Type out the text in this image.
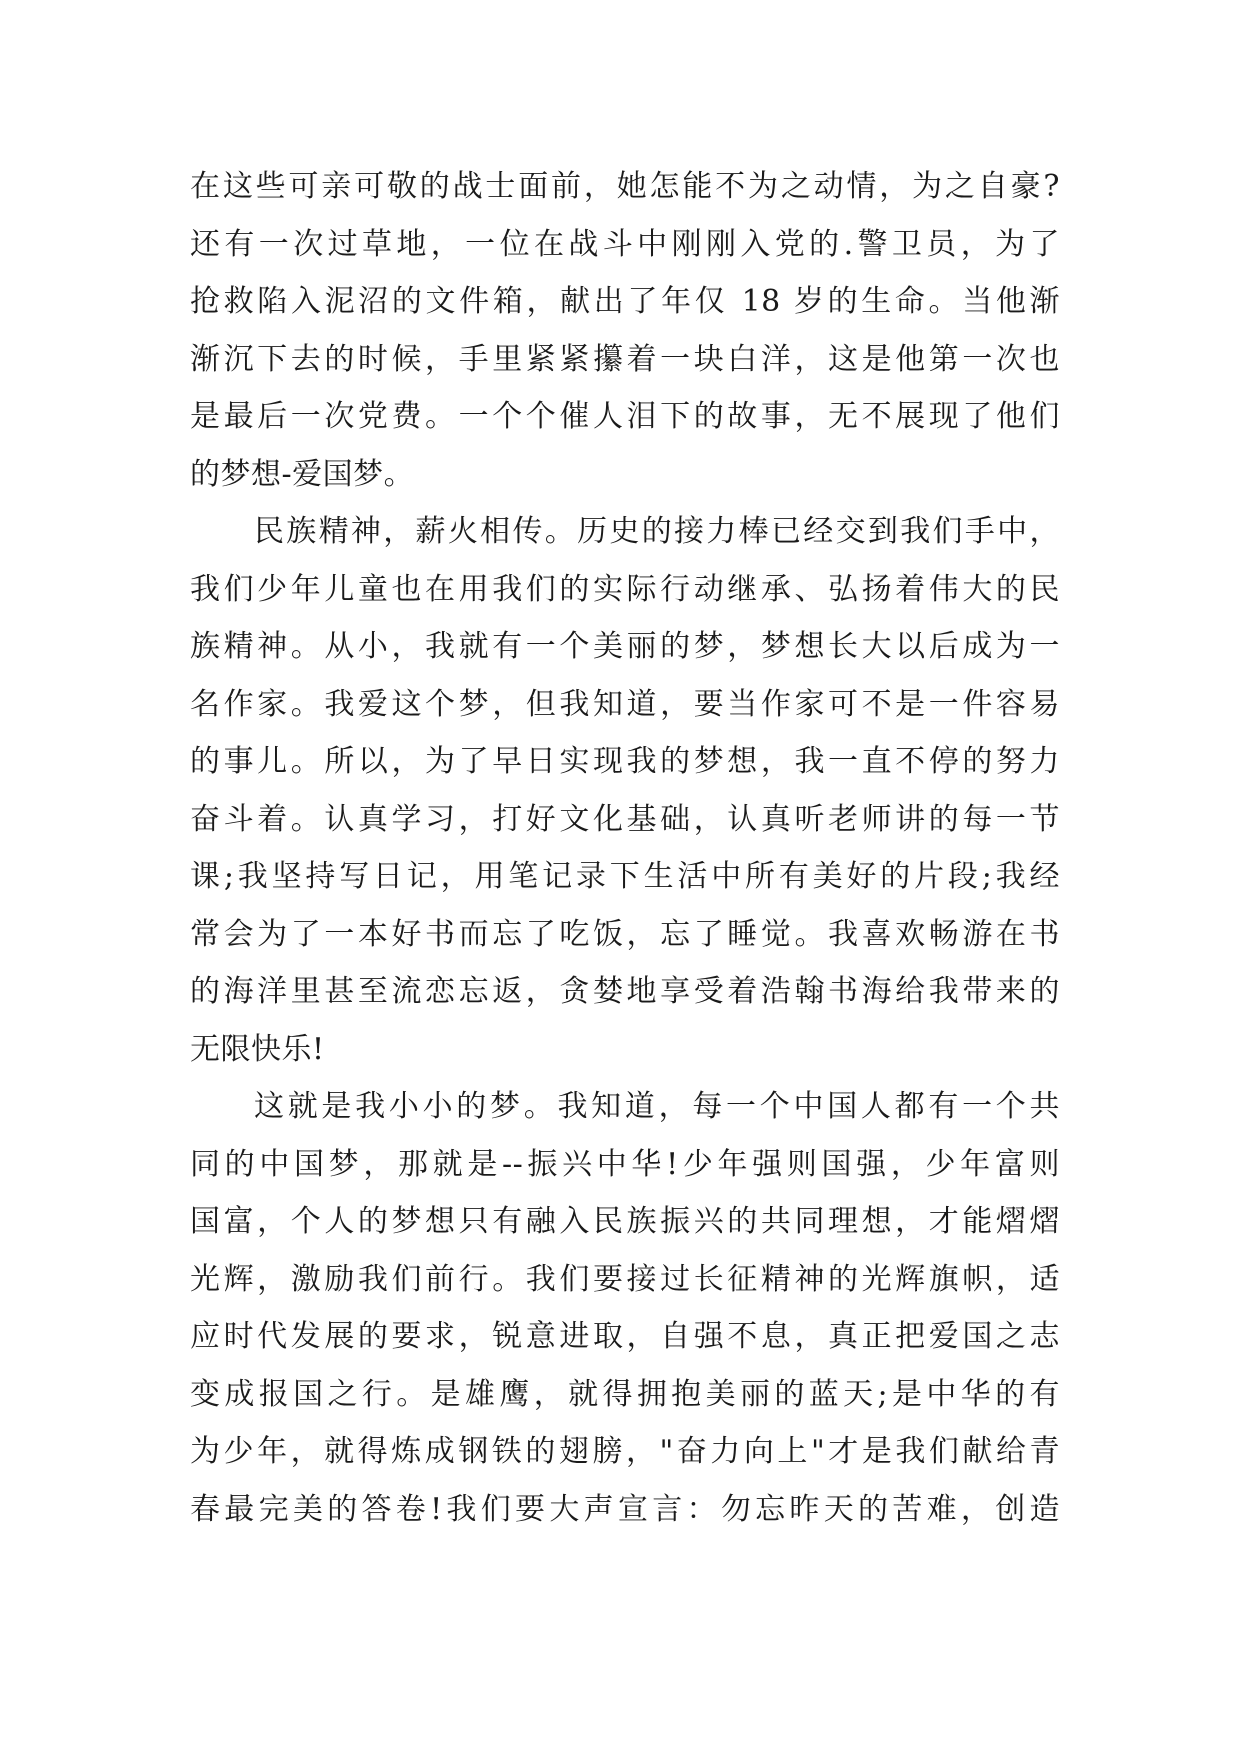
在这些可亲可敬的战士面前，她怎能不为之动情，为之自豪?
还有一次过草地，一位在战斗中刚刚入党的.警卫员，为了
抢救陷入泥沼的文件箱，献出了年仅 18 岁的生命。当他渐
渐沉下去的时候，手里紧紧攥着一块白洋，这是他第一次也
是最后一次党费。一个个催人泪下的故事，无不展现了他们
的梦想-爱国梦。
民族精神，薪火相传。历史的接力棒已经交到我们手中，
我们少年儿童也在用我们的实际行动继承、弘扬着伟大的民
族精神。从小，我就有一个美丽的梦，梦想长大以后成为一
名作家。我爱这个梦，但我知道，要当作家可不是一件容易
的事儿。所以，为了早日实现我的梦想，我一直不停的努力
奋斗着。认真学习，打好文化基础，认真听老师讲的每一节
课;我坚持写日记，用笔记录下生活中所有美好的片段;我经
常会为了一本好书而忘了吃饭，忘了睡觉。我喜欢畅游在书
的海洋里甚至流恋忘返，贪婪地享受着浩翰书海给我带来的
无限快乐!
这就是我小小的梦。我知道，每一个中国人都有一个共
同的中国梦，那就是--振兴中华!少年强则国强，少年富则
国富，个人的梦想只有融入民族振兴的共同理想，才能熠熠
光辉，激励我们前行。我们要接过长征精神的光辉旗帜，适
应时代发展的要求，锐意进取，自强不息，真正把爱国之志
变成报国之行。是雄鹰，就得拥抱美丽的蓝天;是中华的有
为少年，就得炼成钢铁的翅膀，"奋力向上"才是我们献给青
春最完美的答卷!我们要大声宣言：勿忘昨天的苦难，创造
